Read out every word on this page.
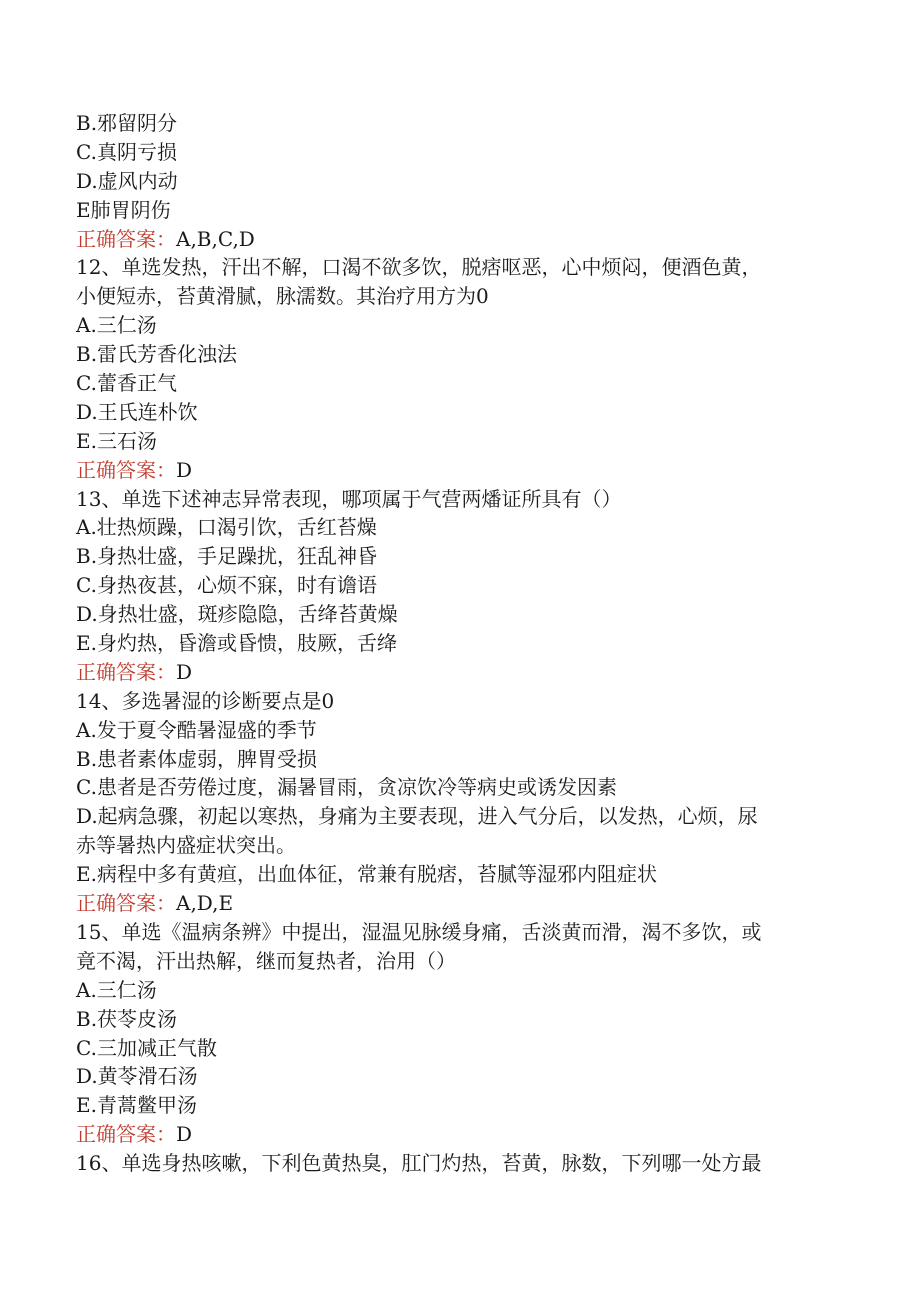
B.邪留阴分
C.真阴亏损
D.虚风内动
E肺胃阴伤
正确答案：A,B,C,D
12、单选发热，汗出不解，口渴不欲多饮，脱痞呕恶，心中烦闷，便酒色黄，
小便短赤，苔黄滑腻，脉濡数。其治疗用方为0
A.三仁汤
B.雷氏芳香化浊法
C.蕾香正气
D.王氏连朴饮
E.三石汤
正确答案：D
13、单选下述神志异常表现，哪项属于气营两燔证所具有（）
A.壮热烦躁，口渴引饮，舌红苔燥
B.身热壮盛，手足躁扰，狂乱神昏
C.身热夜甚，心烦不寐，时有谵语
D.身热壮盛，斑疹隐隐，舌绛苔黄燥
E.身灼热，昏澹或昏愦，肢厥，舌绛
正确答案：D
14、多选暑湿的诊断要点是0
A.发于夏令酷暑湿盛的季节
B.患者素体虚弱，脾胃受损
C.患者是否劳倦过度，漏暑冒雨，贪凉饮冷等病史或诱发因素
D.起病急骤，初起以寒热，身痛为主要表现，进入气分后，以发热，心烦，尿
赤等暑热内盛症状突出。
E.病程中多有黄疸，出血体征，常兼有脱痞，苔腻等湿邪内阻症状
正确答案：A,D,E
15、单选《温病条辨》中提出，湿温见脉缓身痛，舌淡黄而滑，渴不多饮，或
竟不渴，汗出热解，继而复热者，治用（）
A.三仁汤
B.茯苓皮汤
C.三加减正气散
D.黄苓滑石汤
E.青蒿鳖甲汤
正确答案：D
16、单选身热咳嗽，下利色黄热臭，肛门灼热，苔黄，脉数，下列哪一处方最
